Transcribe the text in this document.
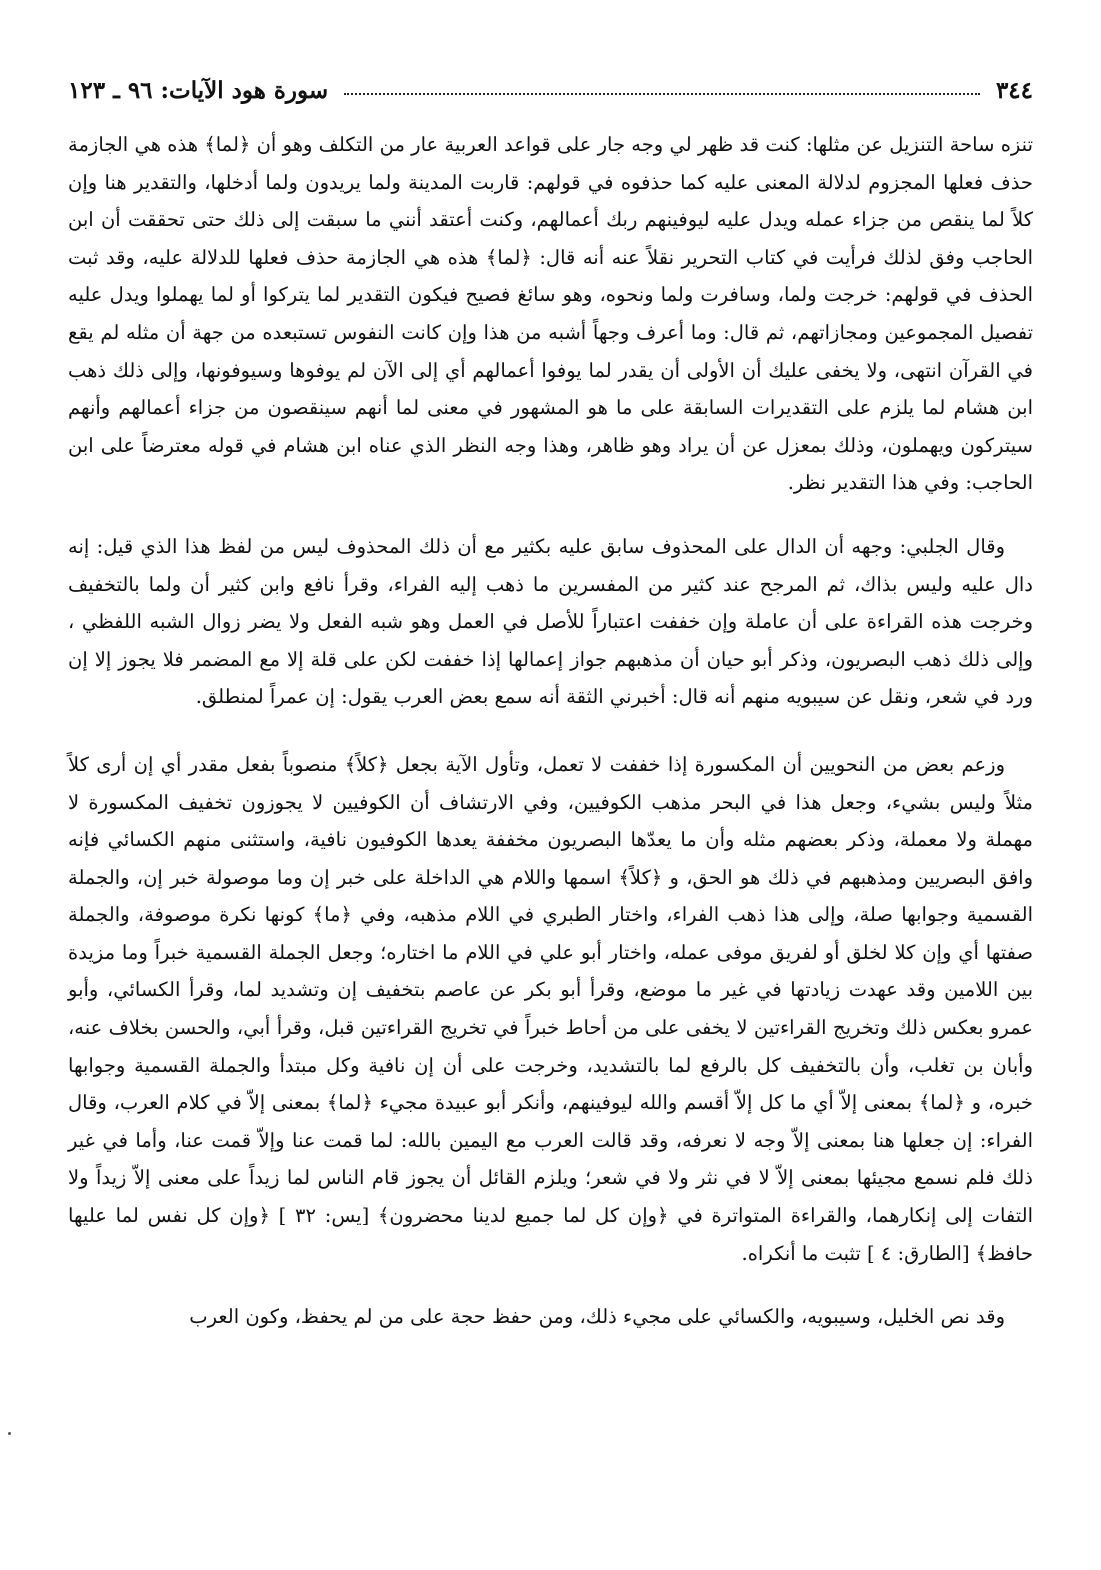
٣٤٤
سورة هود الآيات: ٩٦ ـ ١٢٣

تنزه ساحة التنزيل عن مثلها: كنت قد ظهر لي وجه جار على قواعد العربية عار من التكلف وهو أن ﴿لما﴾ هذه هي الجازمة حذف فعلها المجزوم لدلالة المعنى عليه كما حذفوه في قولهم: قاربت المدينة ولما يريدون ولما أدخلها، والتقدير هنا وإن كلاً لما ينقص من جزاء عمله ويدل عليه ليوفينهم ربك أعمالهم، وكنت أعتقد أنني ما سبقت إلى ذلك حتى تحققت أن ابن الحاجب وفق لذلك فرأيت في كتاب التحرير نقلاً عنه أنه قال: ﴿لما﴾ هذه هي الجازمة حذف فعلها للدلالة عليه، وقد ثبت الحذف في قولهم: خرجت ولما، وسافرت ولما ونحوه، وهو سائغ فصيح فيكون التقدير لما يتركوا أو لما يهملوا ويدل عليه تفصيل المجموعين ومجازاتهم، ثم قال: وما أعرف وجهاً أشبه من هذا وإن كانت النفوس تستبعده من جهة أن مثله لم يقع في القرآن انتهى، ولا يخفى عليك أن الأولى أن يقدر لما يوفوا أعمالهم أي إلى الآن لم يوفوها وسيوفونها، وإلى ذلك ذهب ابن هشام لما يلزم على التقديرات السابقة على ما هو المشهور في معنى لما أنهم سينقصون من جزاء أعمالهم وأنهم سيتركون ويهملون، وذلك بمعزل عن أن يراد وهو ظاهر، وهذا وجه النظر الذي عناه ابن هشام في قوله معترضاً على ابن الحاجب: وفي هذا التقدير نظر.

وقال الجلبي: وجهه أن الدال على المحذوف سابق عليه بكثير مع أن ذلك المحذوف ليس من لفظ هذا الذي قيل: إنه دال عليه وليس بذاك، ثم المرجح عند كثير من المفسرين ما ذهب إليه الفراء، وقرأ نافع وابن كثير أن ولما بالتخفيف وخرجت هذه القراءة على أن عاملة وإن خففت اعتباراً للأصل في العمل وهو شبه الفعل ولا يضر زوال الشبه اللفظي ، وإلى ذلك ذهب البصريون، وذكر أبو حيان أن مذهبهم جواز إعمالها إذا خففت لكن على قلة إلا مع المضمر فلا يجوز إلا إن ورد في شعر، ونقل عن سيبويه منهم أنه قال: أخبرني الثقة أنه سمع بعض العرب يقول: إن عمراً لمنطلق.

وزعم بعض من النحويين أن المكسورة إذا خففت لا تعمل، وتأول الآية بجعل ﴿كلاً﴾ منصوباً بفعل مقدر أي إن أرى كلاً مثلاً وليس بشيء، وجعل هذا في البحر مذهب الكوفيين، وفي الارتشاف أن الكوفيين لا يجوزون تخفيف المكسورة لا مهملة ولا معملة، وذكر بعضهم مثله وأن ما يعدّها البصريون مخففة يعدها الكوفيون نافية، واستثنى منهم الكسائي فإنه وافق البصريين ومذهبهم في ذلك هو الحق، و ﴿كلاً﴾ اسمها واللام هي الداخلة على خبر إن وما موصولة خبر إن، والجملة القسمية وجوابها صلة، وإلى هذا ذهب الفراء، واختار الطبري في اللام مذهبه، وفي ﴿ما﴾ كونها نكرة موصوفة، والجملة صفتها أي وإن كلا لخلق أو لفريق موفى عمله، واختار أبو علي في اللام ما اختاره؛ وجعل الجملة القسمية خبراً وما مزيدة بين اللامين وقد عهدت زيادتها في غير ما موضع، وقرأ أبو بكر عن عاصم بتخفيف إن وتشديد لما، وقرأ الكسائي، وأبو عمرو بعكس ذلك وتخريج القراءتين لا يخفى على من أحاط خبراً في تخريج القراءتين قبل، وقرأ أبي، والحسن بخلاف عنه، وأبان بن تغلب، وأن بالتخفيف كل بالرفع لما بالتشديد، وخرجت على أن إن نافية وكل مبتدأ والجملة القسمية وجوابها خبره، و ﴿لما﴾ بمعنى إلاّ أي ما كل إلاّ أقسم والله ليوفينهم، وأنكر أبو عبيدة مجيء ﴿لما﴾ بمعنى إلاّ في كلام العرب، وقال الفراء: إن جعلها هنا بمعنى إلاّ وجه لا نعرفه، وقد قالت العرب مع اليمين بالله: لما قمت عنا وإلاّ قمت عنا، وأما في غير ذلك فلم نسمع مجيئها بمعنى إلاّ لا في نثر ولا في شعر؛ ويلزم القائل أن يجوز قام الناس لما زيداً على معنى إلاّ زيداً ولا التفات إلى إنكارهما، والقراءة المتواترة في ﴿وإن كل لما جميع لدينا محضرون﴾ [يس: ٣٢ ] ﴿وإن كل نفس لما عليها حافظ﴾ [الطارق: ٤ ] تثبت ما أنكراه.

وقد نص الخليل، وسيبويه، والكسائي على مجيء ذلك، ومن حفظ حجة على من لم يحفظ، وكون العرب
